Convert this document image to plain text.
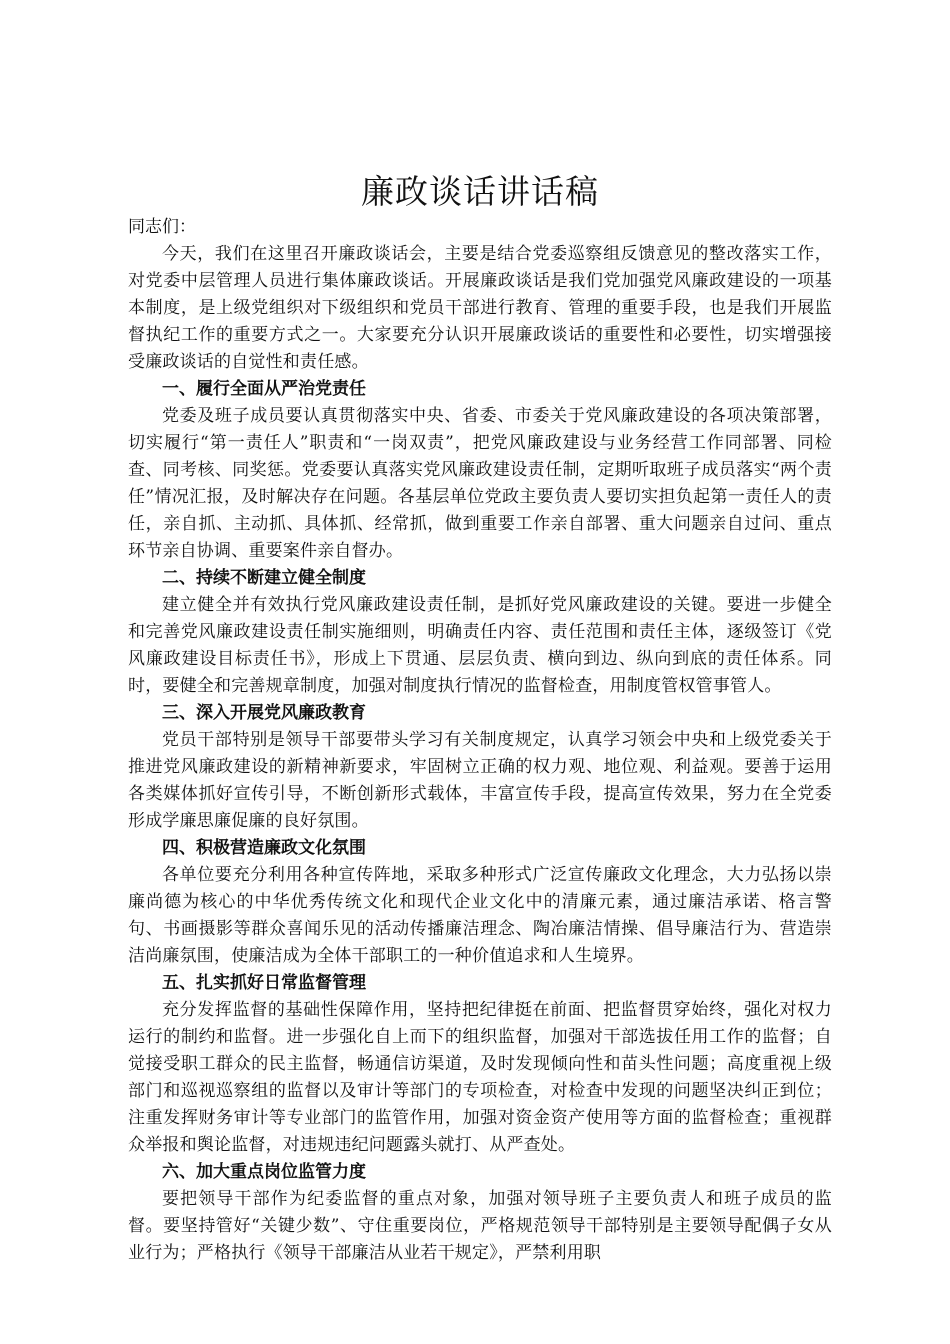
廉政谈话讲话稿

同志们：

今天，我们在这里召开廉政谈话会，主要是结合党委巡察组反馈意见的整改落实工作，对党委中层管理人员进行集体廉政谈话。开展廉政谈话是我们党加强党风廉政建设的一项基本制度，是上级党组织对下级组织和党员干部进行教育、管理的重要手段，也是我们开展监督执纪工作的重要方式之一。大家要充分认识开展廉政谈话的重要性和必要性，切实增强接受廉政谈话的自觉性和责任感。

一、履行全面从严治党责任

党委及班子成员要认真贯彻落实中央、省委、市委关于党风廉政建设的各项决策部署，切实履行“第一责任人”职责和“一岗双责”，把党风廉政建设与业务经营工作同部署、同检查、同考核、同奖惩。党委要认真落实党风廉政建设责任制，定期听取班子成员落实“两个责任”情况汇报，及时解决存在问题。各基层单位党政主要负责人要切实担负起第一责任人的责任，亲自抓、主动抓、具体抓、经常抓，做到重要工作亲自部署、重大问题亲自过问、重点环节亲自协调、重要案件亲自督办。

二、持续不断建立健全制度

建立健全并有效执行党风廉政建设责任制，是抓好党风廉政建设的关键。要进一步健全和完善党风廉政建设责任制实施细则，明确责任内容、责任范围和责任主体，逐级签订《党风廉政建设目标责任书》，形成上下贯通、层层负责、横向到边、纵向到底的责任体系。同时，要健全和完善规章制度，加强对制度执行情况的监督检查，用制度管权管事管人。

三、深入开展党风廉政教育

党员干部特别是领导干部要带头学习有关制度规定，认真学习领会中央和上级党委关于推进党风廉政建设的新精神新要求，牢固树立正确的权力观、地位观、利益观。要善于运用各类媒体抓好宣传引导，不断创新形式载体，丰富宣传手段，提高宣传效果，努力在全党委形成学廉思廉促廉的良好氛围。

四、积极营造廉政文化氛围

各单位要充分利用各种宣传阵地，采取多种形式广泛宣传廉政文化理念，大力弘扬以崇廉尚德为核心的中华优秀传统文化和现代企业文化中的清廉元素，通过廉洁承诺、格言警句、书画摄影等群众喜闻乐见的活动传播廉洁理念、陶冶廉洁情操、倡导廉洁行为、营造崇洁尚廉氛围，使廉洁成为全体干部职工的一种价值追求和人生境界。

五、扎实抓好日常监督管理

充分发挥监督的基础性保障作用，坚持把纪律挺在前面、把监督贯穿始终，强化对权力运行的制约和监督。进一步强化自上而下的组织监督，加强对干部选拔任用工作的监督；自觉接受职工群众的民主监督，畅通信访渠道，及时发现倾向性和苗头性问题；高度重视上级部门和巡视巡察组的监督以及审计等部门的专项检查，对检查中发现的问题坚决纠正到位；注重发挥财务审计等专业部门的监管作用，加强对资金资产使用等方面的监督检查；重视群众举报和舆论监督，对违规违纪问题露头就打、从严查处。

六、加大重点岗位监管力度

要把领导干部作为纪委监督的重点对象，加强对领导班子主要负责人和班子成员的监督。要坚持管好“关键少数”、守住重要岗位，严格规范领导干部特别是主要领导配偶子女从业行为；严格执行《领导干部廉洁从业若干规定》，严禁利用职
